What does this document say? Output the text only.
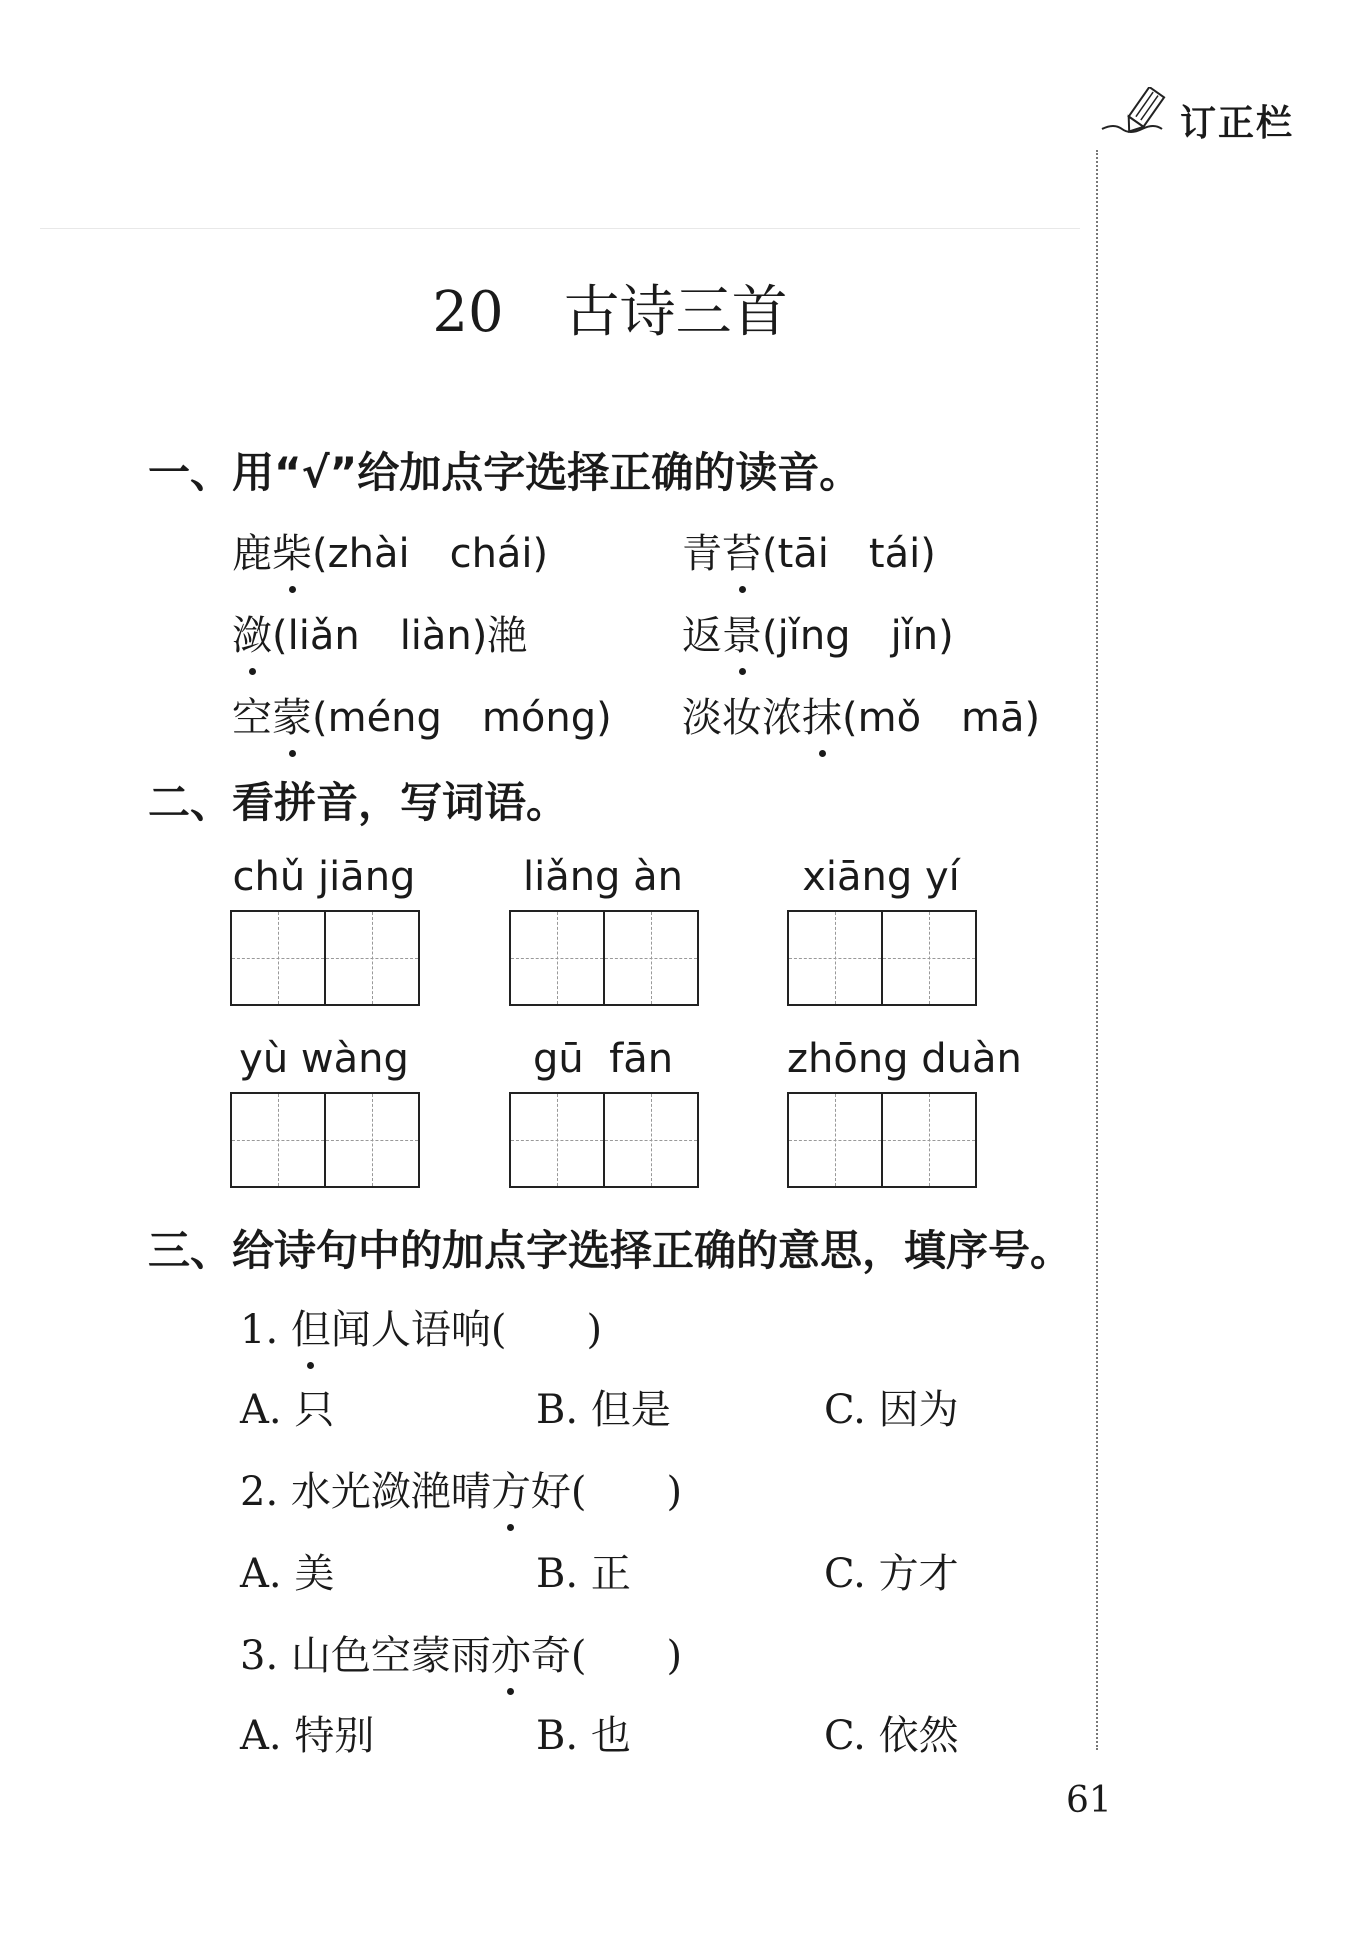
订正栏
20 古诗三首
一、用“√”给加点字选择正确的读音。
鹿柴(zhài　chái)	青苔(tāi　tái)
潋(liǎn　liàn)滟	返景(jǐng　jǐn)
空蒙(méng　móng) 淡妆浓抹(mǒ　mā)
二、看拼音，写词语。
chǔ jiāng	liǎng àn	xiāng yí
yù wàng	gū  fān	zhōng duàn
三、给诗句中的加点字选择正确的意思，填序号。
1. 但闻人语响(　　)
A. 只	B. 但是	C. 因为
2. 水光潋滟晴方好(　　)
A. 美	B. 正	C. 方才
3. 山色空蒙雨亦奇(　　)
A. 特别	B. 也	C. 依然
61
